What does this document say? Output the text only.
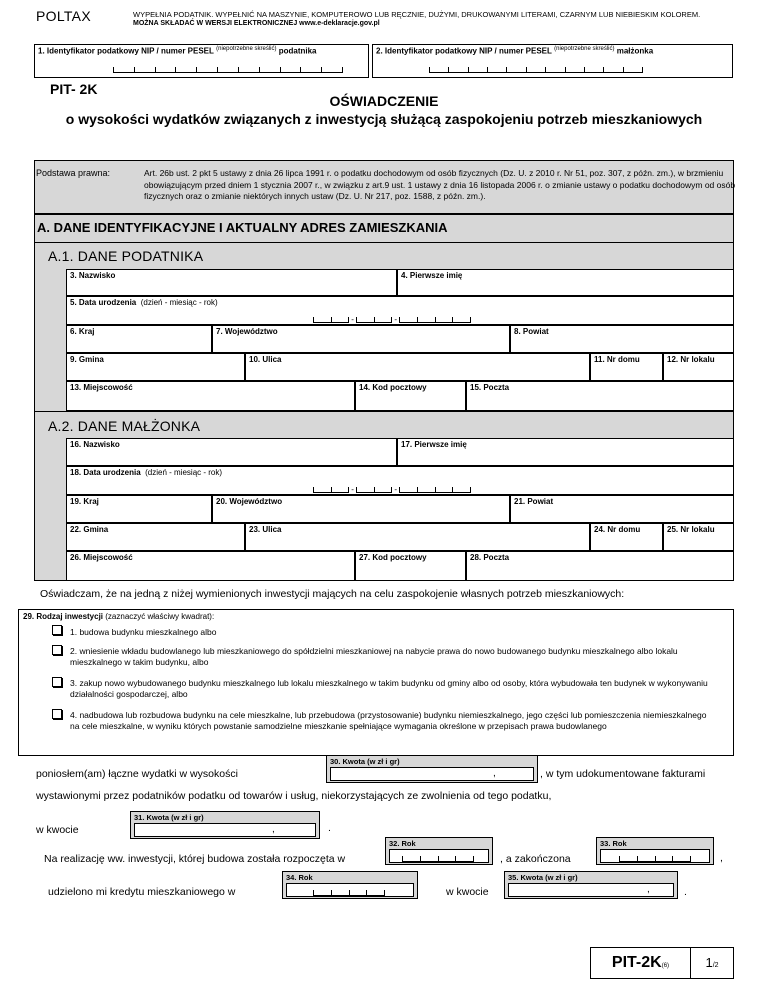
POLTAX	WYPEŁNIA PODATNIK. WYPEŁNIĆ NA MASZYNIE, KOMPUTEROWO LUB RĘCZNIE, DUŻYMI, DRUKOWANYMI LITERAMI, CZARNYM LUB NIEBIESKIM KOLOREM.
MOŻNA SKŁADAĆ W WERSJI ELEKTRONICZNEJ www.e-deklaracje.gov.pl
1. Identyfikator podatkowy NIP / numer PESEL $^{(niepotrzebne skreślić)}$ podatnika	2. Identyfikator podatkowy NIP / numer PESEL $^{(niepotrzebne skreślić)}$ małżonka
PIT- 2K
OŚWIADCZENIE
o wysokości wydatków związanych z inwestycją służącą zaspokojeniu potrzeb mieszkaniowych
Podstawa prawna:	Art. 26b ust. 2 pkt 5 ustawy z dnia 26 lipca 1991 r. o podatku dochodowym od osób fizycznych (Dz. U. z 2010 r. Nr 51, poz. 307, z późn. zm.), w brzmieniu obowiązującym przed dniem 1 stycznia 2007 r., w związku z art.9 ust. 1 ustawy z dnia 16 listopada 2006 r. o zmianie ustawy o podatku dochodowym od osób fizycznych oraz o zmianie niektórych innych ustaw (Dz. U. Nr 217, poz. 1588, z późn. zm.).
A. DANE IDENTYFIKACYJNE I AKTUALNY ADRES ZAMIESZKANIA
A.1. DANE PODATNIKA
3. Nazwisko	4. Pierwsze imię
5. Data urodzenia (dzień - miesiąc - rok)
-	-
6. Kraj	7. Województwo	8. Powiat
9. Gmina	10. Ulica	11. Nr domu	12. Nr lokalu
13. Miejscowość	14. Kod pocztowy	15. Poczta
A.2. DANE MAŁŻONKA
16. Nazwisko	17. Pierwsze imię
18. Data urodzenia (dzień - miesiąc - rok)
-	-
19. Kraj	20. Województwo	21. Powiat
22. Gmina	23. Ulica	24. Nr domu	25. Nr lokalu
26. Miejscowość	27. Kod pocztowy	28. Poczta
Oświadczam, że na jedną z niżej wymienionych inwestycji mających na celu zaspokojenie własnych potrzeb mieszkaniowych:
29. Rodzaj inwestycji (zaznaczyć właściwy kwadrat):
1. budowa budynku mieszkalnego albo
2. wniesienie wkładu budowlanego lub mieszkaniowego do spółdzielni mieszkaniowej na nabycie prawa do nowo budowanego budynku mieszkalnego albo lokalu mieszkalnego w takim budynku, albo
3. zakup nowo wybudowanego budynku mieszkalnego lub lokalu mieszkalnego w takim budynku od gminy albo od osoby, która wybudowała ten budynek w wykonywaniu działalności gospodarczej, albo
4. nadbudowa lub rozbudowa budynku na cele mieszkalne, lub przebudowa (przystosowanie) budynku niemieszkalnego, jego części lub pomieszczenia niemieszkalnego na cele mieszkalne, w wyniku których powstanie samodzielne mieszkanie spełniające wymagania określone w przepisach prawa budowlanego
30. Kwota (w zł i gr)
,
poniosłem(am) łączne wydatki w wysokości	, w tym udokumentowane fakturami
wystawionymi przez podatników podatku od towarów i usług, niekorzystających ze zwolnienia od tego podatku,
31. Kwota (w zł i gr)
,
w kwocie	.
32. Rok
Na realizację ww. inwestycji, której budowa została rozpoczęta w	, a zakończona
33. Rok
,
34. Rok
udzielono mi kredytu mieszkaniowego w	w kwocie
35. Kwota (w zł i gr)
,	.
PIT-2K(6)	1/2
